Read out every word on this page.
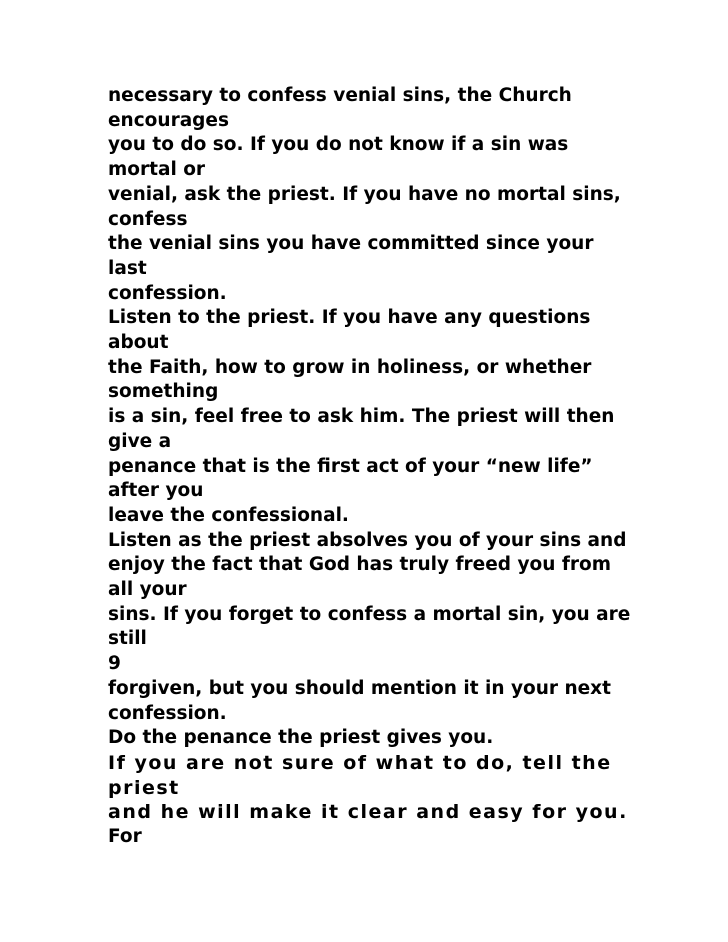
necessary to confess venial sins, the Church
encourages
you to do so. If you do not know if a sin was
mortal or
venial, ask the priest. If you have no mortal sins,
confess
the venial sins you have committed since your
last
confession.
Listen to the priest. If you have any questions
about
the Faith, how to grow in holiness, or whether
something
is a sin, feel free to ask him. The priest will then
give a
penance that is the first act of your “new life”
after you
leave the confessional.
Listen as the priest absolves you of your sins and
enjoy the fact that God has truly freed you from
all your
sins. If you forget to confess a mortal sin, you are
still
9
forgiven, but you should mention it in your next
confession.
Do the penance the priest gives you.
If you are not sure of what to do, tell the
priest
and he will make it clear and easy for you.
For
